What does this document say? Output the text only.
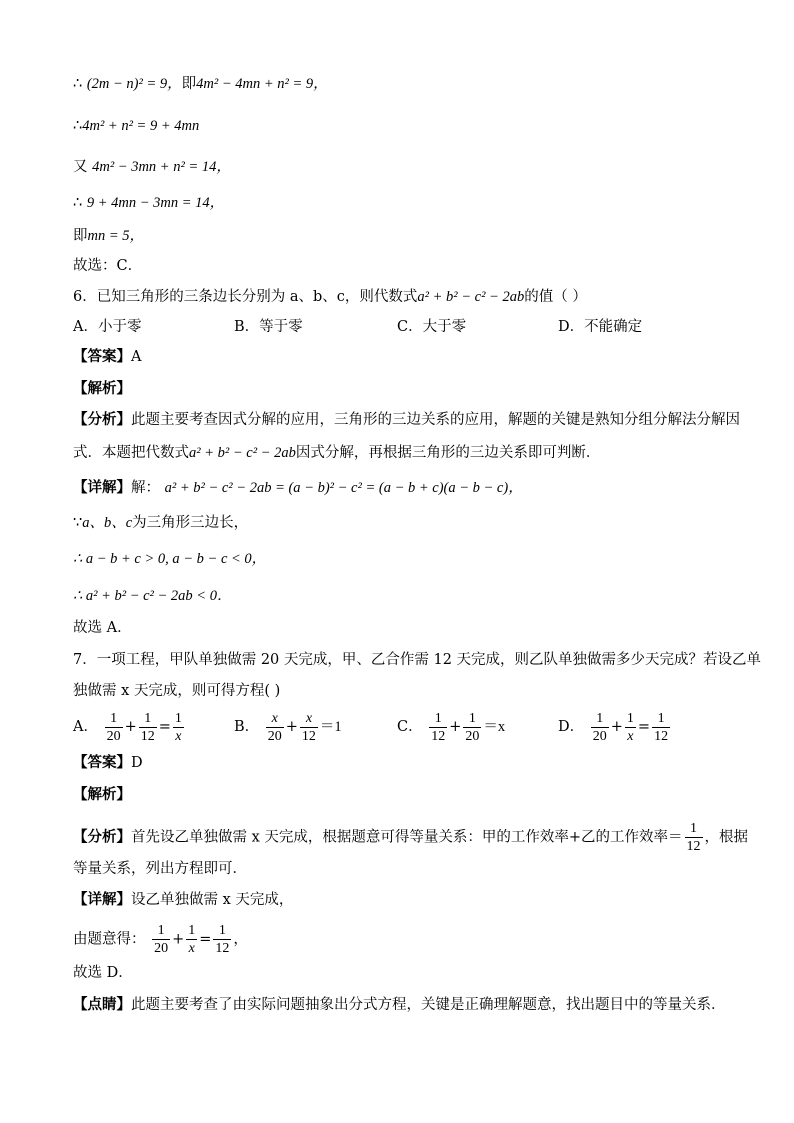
∴ (2m − n)² = 9，即4m² − 4mn + n² = 9，
∴4m² + n² = 9 + 4mn
又 4m² − 3mn + n² = 14，
∴ 9 + 4mn − 3mn = 14，
即mn = 5，
故选：C．
6．已知三角形的三条边长分别为 a、b、c，则代数式a² + b² − c² − 2ab的值（ ）
A．小于零	B．等于零	C．大于零	D．不能确定
【答案】A
【解析】
【分析】此题主要考查因式分解的应用，三角形的三边关系的应用，解题的关键是熟知分组分解法分解因
式．本题把代数式a² + b² − c² − 2ab因式分解，再根据三角形的三边关系即可判断．
【详解】解： a² + b² − c² − 2ab = (a − b)² − c² = (a − b + c)(a − b − c)，
∵a、b、c为三角形三边长，
∴ a − b + c > 0, a − b − c < 0，
∴ a² + b² − c² − 2ab < 0．
故选 A．
7．一项工程，甲队单独做需 20 天完成，甲、乙合作需 12 天完成，则乙队单独做需多少天完成？若设乙单
独做需 x 天完成，则可得方程( )
A． $\frac{1}{20} + \frac{1}{12} = \frac{1}{x}$	B． $\frac{x}{20} + \frac{x}{12} =1$	C． $\frac{1}{12} + \frac{1}{20} =x$	D． $\frac{1}{20} + \frac{1}{x} = \frac{1}{12}$
【答案】D
【解析】
【分析】首先设乙单独做需 x 天完成，根据题意可得等量关系：甲的工作效率+乙的工作效率＝ $\frac{1}{12}$ ，根据
等量关系，列出方程即可．
【详解】设乙单独做需 x 天完成，
由题意得： $\frac{1}{20} + \frac{1}{x} = \frac{1}{12}$ ，
故选 D．
【点睛】此题主要考查了由实际问题抽象出分式方程，关键是正确理解题意，找出题目中的等量关系．
